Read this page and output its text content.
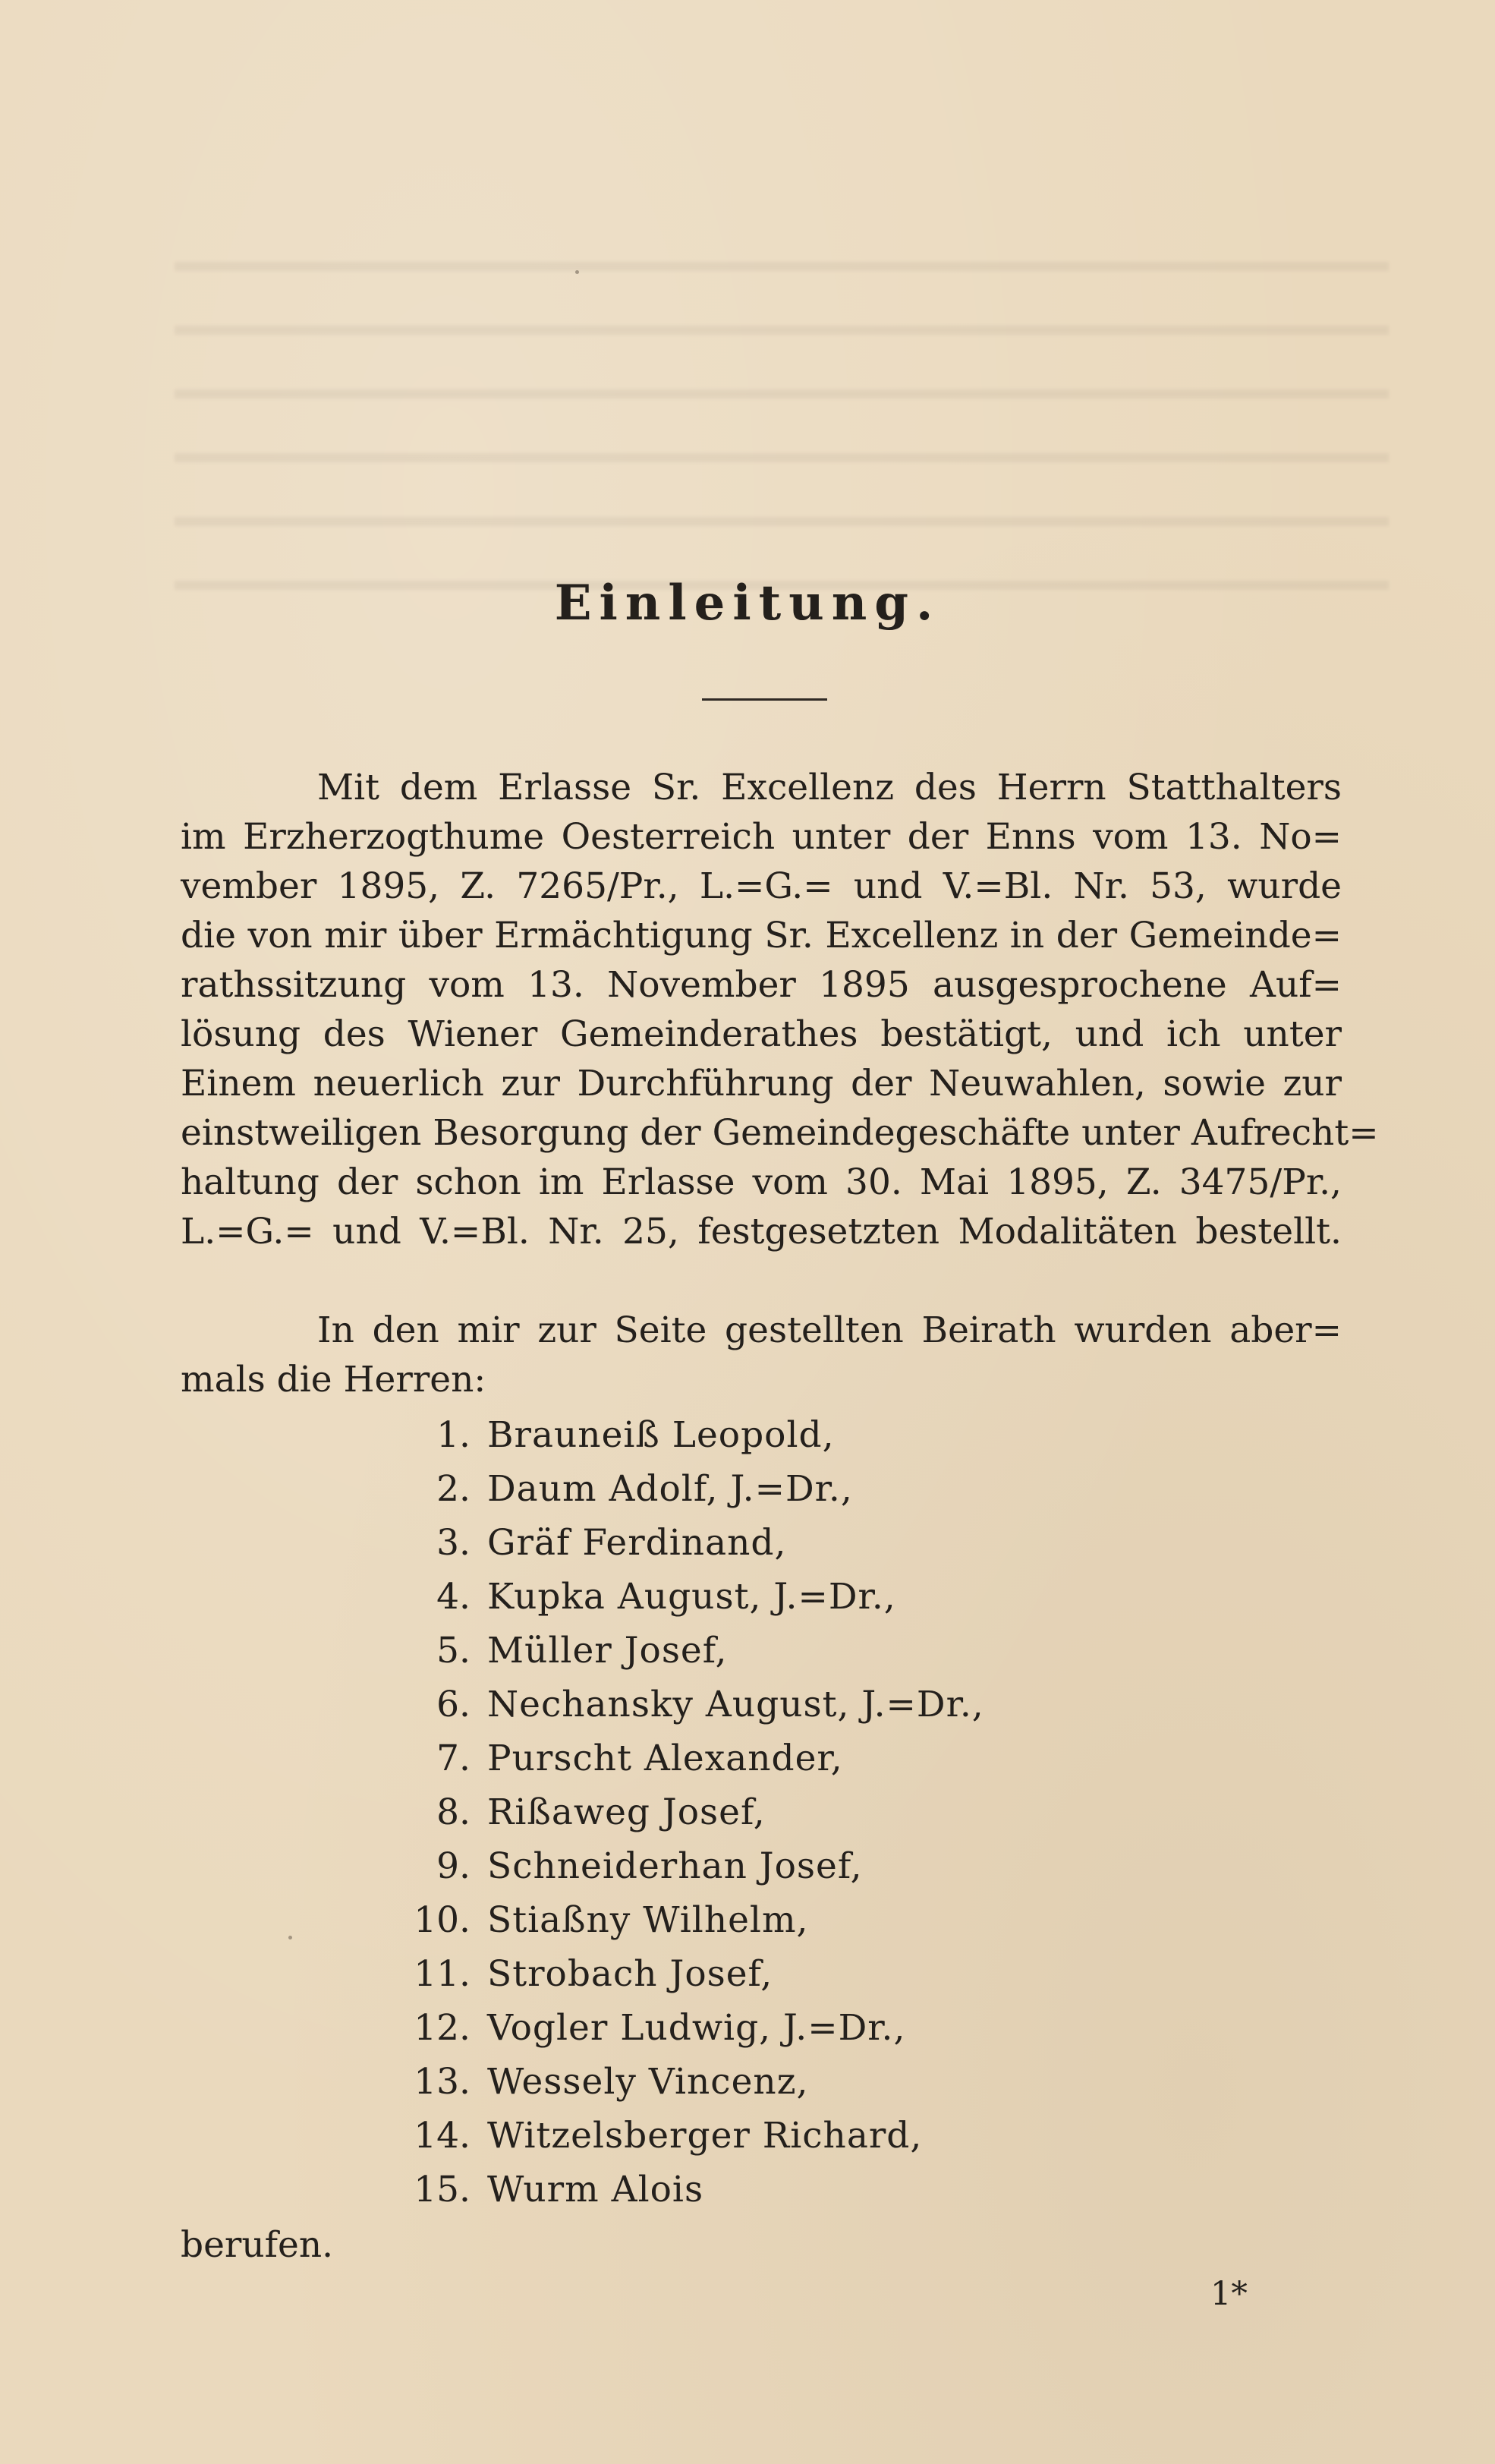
Einleitung.
Mit dem Erlasse Sr. Excellenz des Herrn Statthalters
im Erzherzogthume Oesterreich unter der Enns vom 13. No=
vember 1895, Z. 7265/Pr., L.=G.= und V.=Bl. Nr. 53, wurde
die von mir über Ermächtigung Sr. Excellenz in der Gemeinde=
rathssitzung vom 13. November 1895 ausgesprochene Auf=
lösung des Wiener Gemeinderathes bestätigt, und ich unter
Einem neuerlich zur Durchführung der Neuwahlen, sowie zur
einstweiligen Besorgung der Gemeindegeschäfte unter Aufrecht=
haltung der schon im Erlasse vom 30. Mai 1895, Z. 3475/Pr.,
L.=G.= und V.=Bl. Nr. 25, festgesetzten Modalitäten bestellt.
In den mir zur Seite gestellten Beirath wurden aber=
mals die Herren:
1. Brauneiß Leopold,
2. Daum Adolf, J.=Dr.,
3. Gräf Ferdinand,
4. Kupka August, J.=Dr.,
5. Müller Josef,
6. Nechansky August, J.=Dr.,
7. Purscht Alexander,
8. Rißaweg Josef,
9. Schneiderhan Josef,
10. Stiaßny Wilhelm,
11. Strobach Josef,
12. Vogler Ludwig, J.=Dr.,
13. Wessely Vincenz,
14. Witzelsberger Richard,
15. Wurm Alois
berufen.
1*
